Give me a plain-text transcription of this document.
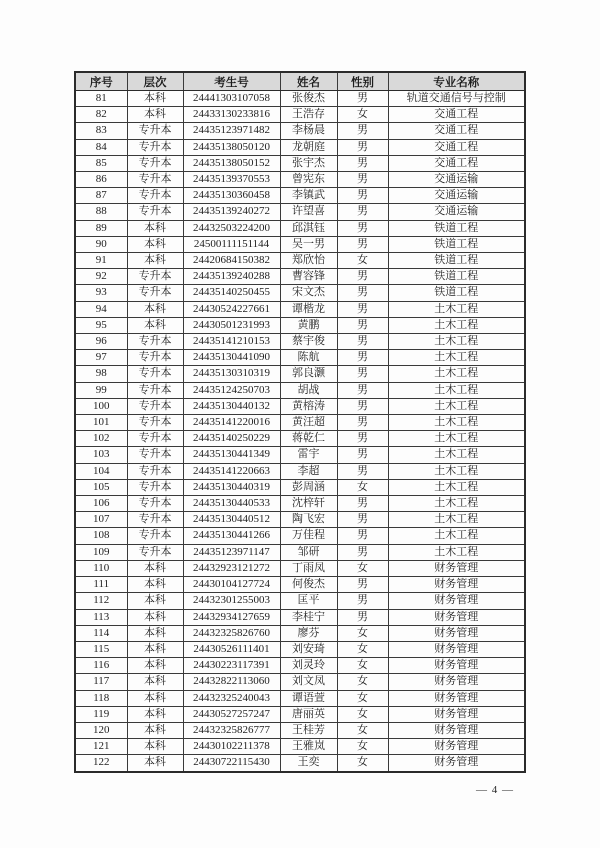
序号	层次	考生号	姓名	性别	专业名称
81	本科	24441303107058	张俊杰	男	轨道交通信号与控制
82	本科	24433130233816	王浩存	女	交通工程
83	专升本	24435123971482	李杨晨	男	交通工程
84	专升本	24435138050120	龙朝庭	男	交通工程
85	专升本	24435138050152	张宇杰	男	交通工程
86	专升本	24435139370553	曾宪东	男	交通运输
87	专升本	24435130360458	李镇武	男	交通运输
88	专升本	24435139240272	许望喜	男	交通运输
89	本科	24432503224200	邱淇钰	男	铁道工程
90	本科	24500111151144	吴一男	男	铁道工程
91	本科	24420684150382	郑欣怡	女	铁道工程
92	专升本	24435139240288	曹容锋	男	铁道工程
93	专升本	24435140250455	宋文杰	男	铁道工程
94	本科	24430524227661	谭楷龙	男	土木工程
95	本科	24430501231993	黄鹏	男	土木工程
96	专升本	24435141210153	蔡宇俊	男	土木工程
97	专升本	24435130441090	陈航	男	土木工程
98	专升本	24435130310319	郭良灏	男	土木工程
99	专升本	24435124250703	胡战	男	土木工程
100	专升本	24435130440132	黄榕涛	男	土木工程
101	专升本	24435141220016	黄汪超	男	土木工程
102	专升本	24435140250229	蒋乾仁	男	土木工程
103	专升本	24435130441349	雷宇	男	土木工程
104	专升本	24435141220663	李超	男	土木工程
105	专升本	24435130440319	彭周涵	女	土木工程
106	专升本	24435130440533	沈梓轩	男	土木工程
107	专升本	24435130440512	陶飞宏	男	土木工程
108	专升本	24435130441266	万佳程	男	土木工程
109	专升本	24435123971147	邹研	男	土木工程
110	本科	24432923121272	丁雨凤	女	财务管理
111	本科	24430104127724	何俊杰	男	财务管理
112	本科	24432301255003	匡平	男	财务管理
113	本科	24432934127659	李桂宁	男	财务管理
114	本科	24432325826760	廖芬	女	财务管理
115	本科	24430526111401	刘安琦	女	财务管理
116	本科	24430223117391	刘灵玲	女	财务管理
117	本科	24432822113060	刘文凤	女	财务管理
118	本科	24432325240043	谭语萱	女	财务管理
119	本科	24430527257247	唐丽英	女	财务管理
120	本科	24432325826777	王桂芳	女	财务管理
121	本科	24430102211378	王雅岚	女	财务管理
122	本科	24430722115430	王奕	女	财务管理
— 4 —
